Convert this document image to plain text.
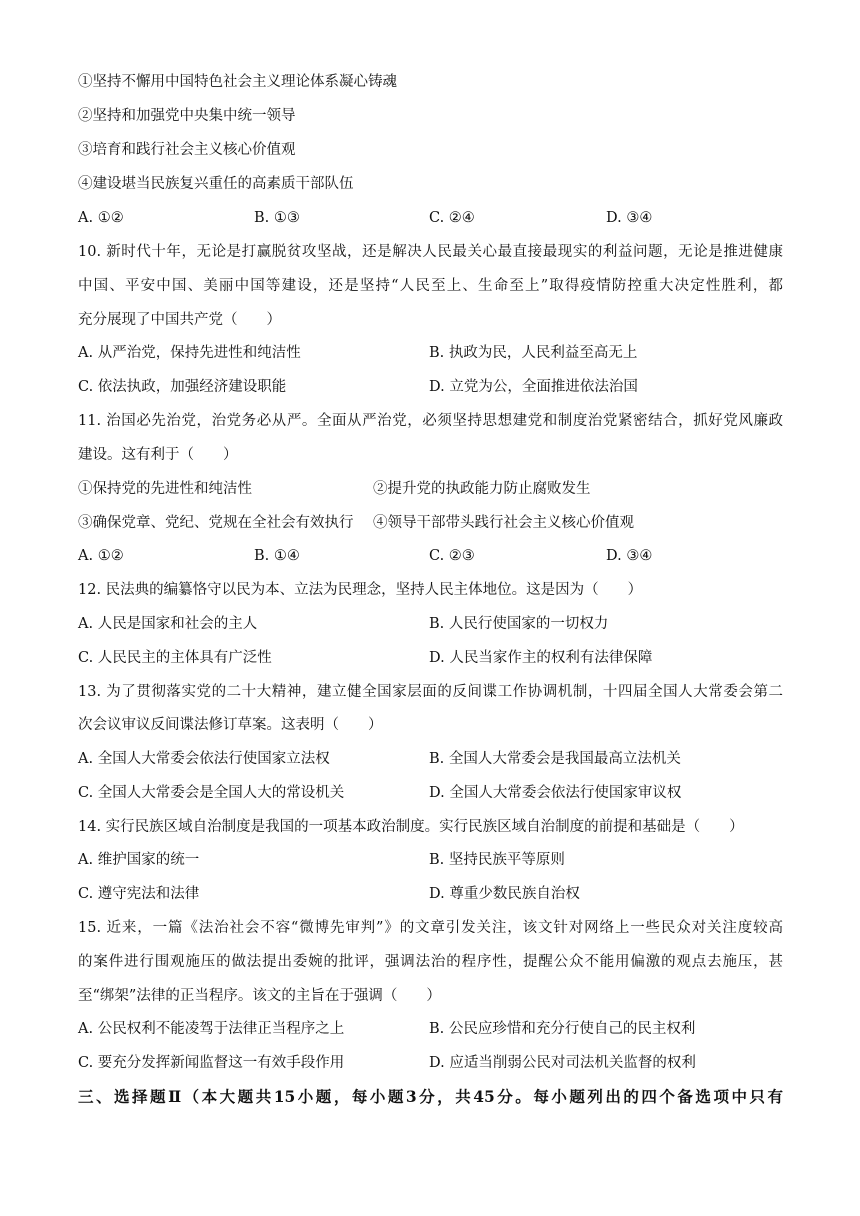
①坚持不懈用中国特色社会主义理论体系凝心铸魂
②坚持和加强党中央集中统一领导
③培育和践行社会主义核心价值观
④建设堪当民族复兴重任的高素质干部队伍
A. ①②	B. ①③	C. ②④	D. ③④
10. 新时代十年，无论是打赢脱贫攻坚战，还是解决人民最关心最直接最现实的利益问题，无论是推进健康
中国、平安中国、美丽中国等建设，还是坚持“人民至上、生命至上”取得疫情防控重大决定性胜利，都
充分展现了中国共产党（　　）
A. 从严治党，保持先进性和纯洁性	B. 执政为民，人民利益至高无上
C. 依法执政，加强经济建设职能	D. 立党为公，全面推进依法治国
11. 治国必先治党，治党务必从严。全面从严治党，必须坚持思想建党和制度治党紧密结合，抓好党风廉政
建设。这有利于（　　）
①保持党的先进性和纯洁性	②提升党的执政能力防止腐败发生
③确保党章、党纪、党规在全社会有效执行 ④领导干部带头践行社会主义核心价值观
A. ①②	B. ①④	C. ②③	D. ③④
12. 民法典的编纂恪守以民为本、立法为民理念，坚持人民主体地位。这是因为（　　）
A. 人民是国家和社会的主人	B. 人民行使国家的一切权力
C. 人民民主的主体具有广泛性	D. 人民当家作主的权利有法律保障
13. 为了贯彻落实党的二十大精神，建立健全国家层面的反间谍工作协调机制，十四届全国人大常委会第二
次会议审议反间谍法修订草案。这表明（　　）
A. 全国人大常委会依法行使国家立法权	B. 全国人大常委会是我国最高立法机关
C. 全国人大常委会是全国人大的常设机关	D. 全国人大常委会依法行使国家审议权
14. 实行民族区域自治制度是我国的一项基本政治制度。实行民族区域自治制度的前提和基础是（　　）
A. 维护国家的统一	B. 坚持民族平等原则
C. 遵守宪法和法律	D. 尊重少数民族自治权
15. 近来，一篇《法治社会不容“微博先审判”》的文章引发关注，该文针对网络上一些民众对关注度较高
的案件进行围观施压的做法提出委婉的批评，强调法治的程序性，提醒公众不能用偏激的观点去施压，甚
至“绑架”法律的正当程序。该文的主旨在于强调（　　）
A. 公民权利不能凌驾于法律正当程序之上	B. 公民应珍惜和充分行使自己的民主权利
C. 要充分发挥新闻监督这一有效手段作用	D. 应适当削弱公民对司法机关监督的权利
三、选择题Ⅱ（本大题共15小题，每小题3分，共45分。每小题列出的四个备选项中只有
